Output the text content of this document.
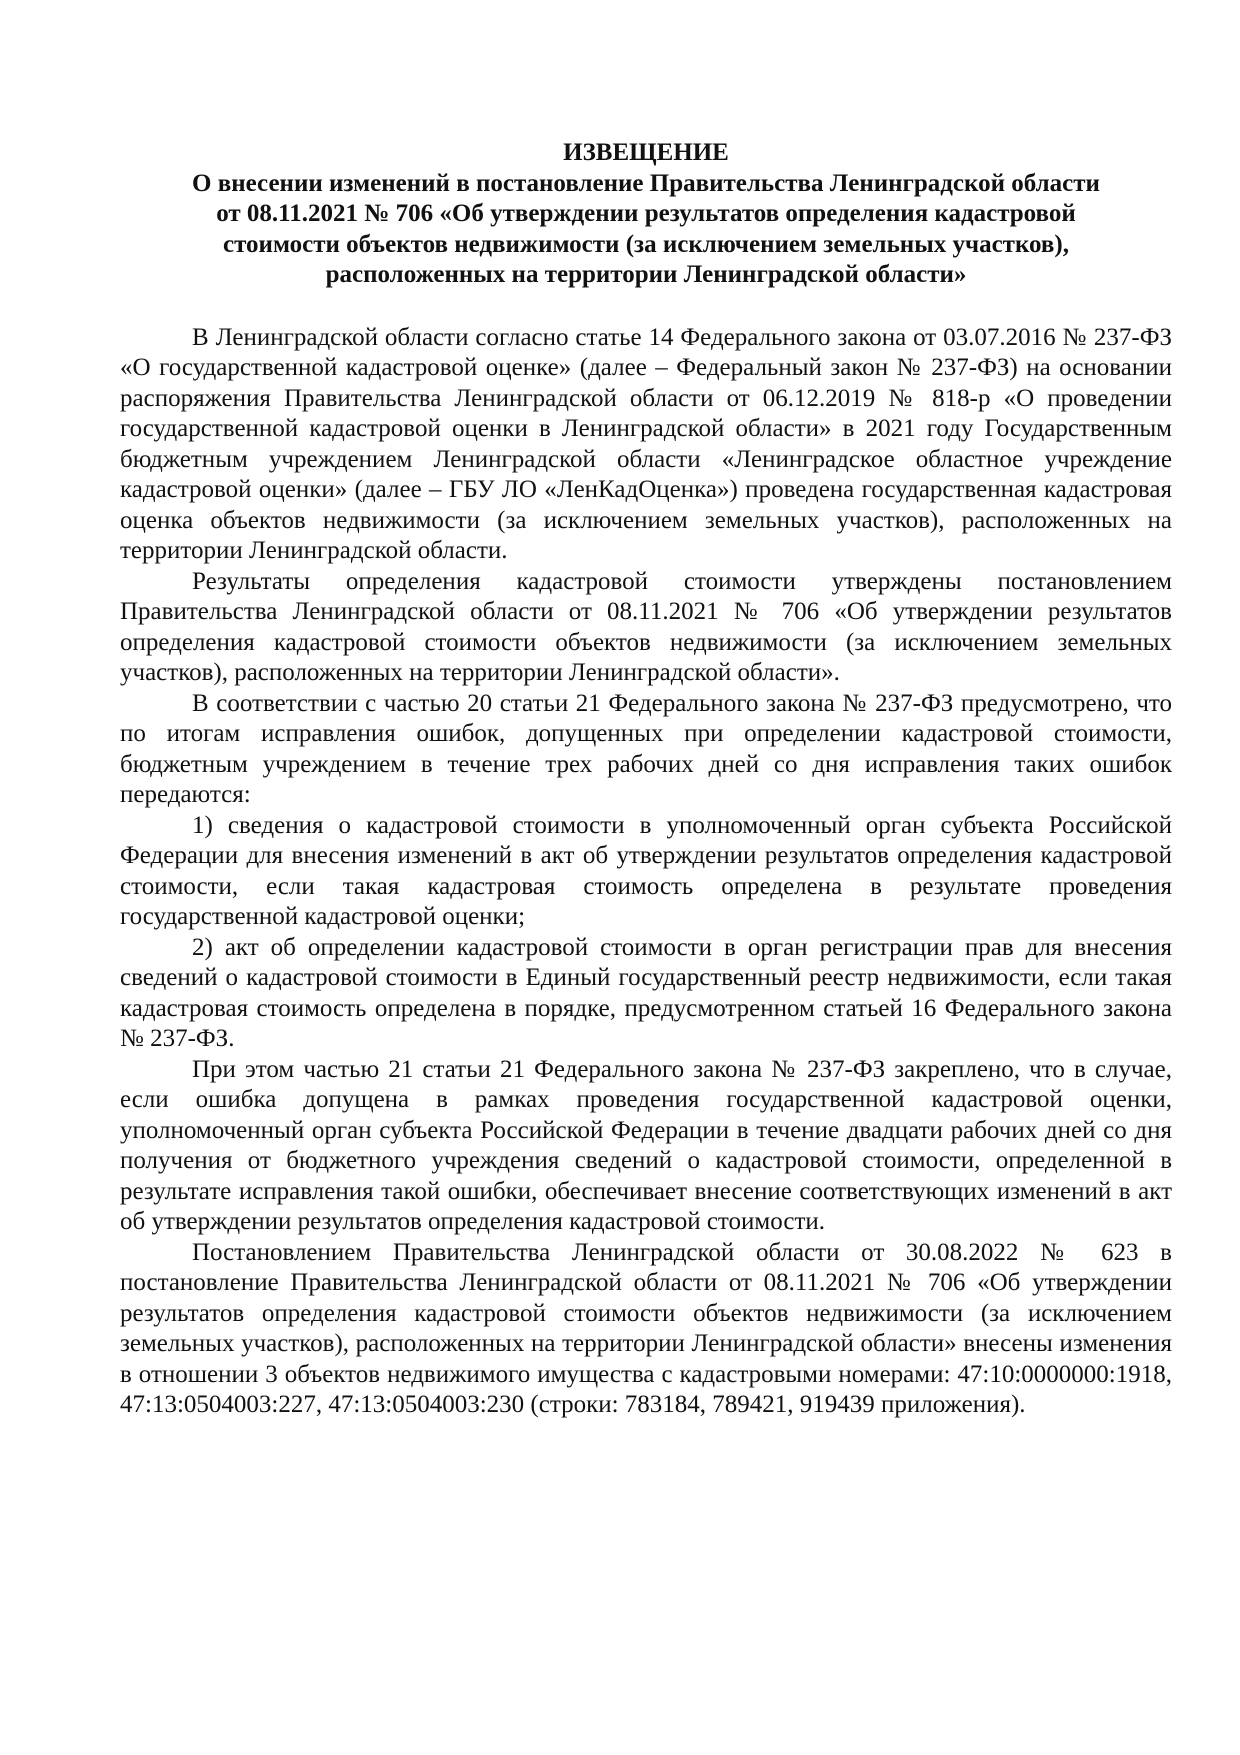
ИЗВЕЩЕНИЕ
О внесении изменений в постановление Правительства Ленинградской области
от 08.11.2021 № 706 «Об утверждении результатов определения кадастровой
стоимости объектов недвижимости (за исключением земельных участков),
расположенных на территории Ленинградской области»

В Ленинградской области согласно статье 14 Федерального закона от 03.07.2016 № 237-ФЗ «О государственной кадастровой оценке» (далее – Федеральный закон № 237-ФЗ) на основании распоряжения Правительства Ленинградской области от 06.12.2019 № 818-р «О проведении государственной кадастровой оценки в Ленинградской области» в 2021 году Государственным бюджетным учреждением Ленинградской области «Ленинградское областное учреждение кадастровой оценки» (далее – ГБУ ЛО «ЛенКадОценка») проведена государственная кадастровая оценка объектов недвижимости (за исключением земельных участков), расположенных на территории Ленинградской области.

Результаты определения кадастровой стоимости утверждены постановлением Правительства Ленинградской области от 08.11.2021 № 706 «Об утверждении результатов определения кадастровой стоимости объектов недвижимости (за исключением земельных участков), расположенных на территории Ленинградской области».

В соответствии с частью 20 статьи 21 Федерального закона № 237-ФЗ предусмотрено, что по итогам исправления ошибок, допущенных при определении кадастровой стоимости, бюджетным учреждением в течение трех рабочих дней со дня исправления таких ошибок передаются:

1) сведения о кадастровой стоимости в уполномоченный орган субъекта Российской Федерации для внесения изменений в акт об утверждении результатов определения кадастровой стоимости, если такая кадастровая стоимость определена в результате проведения государственной кадастровой оценки;

2) акт об определении кадастровой стоимости в орган регистрации прав для внесения сведений о кадастровой стоимости в Единый государственный реестр недвижимости, если такая кадастровая стоимость определена в порядке, предусмотренном статьей 16 Федерального закона № 237-ФЗ.

При этом частью 21 статьи 21 Федерального закона № 237-ФЗ закреплено, что в случае, если ошибка допущена в рамках проведения государственной кадастровой оценки, уполномоченный орган субъекта Российской Федерации в течение двадцати рабочих дней со дня получения от бюджетного учреждения сведений о кадастровой стоимости, определенной в результате исправления такой ошибки, обеспечивает внесение соответствующих изменений в акт об утверждении результатов определения кадастровой стоимости.

Постановлением Правительства Ленинградской области от 30.08.2022 № 623 в постановление Правительства Ленинградской области от 08.11.2021 № 706 «Об утверждении результатов определения кадастровой стоимости объектов недвижимости (за исключением земельных участков), расположенных на территории Ленинградской области» внесены изменения в отношении 3 объектов недвижимого имущества с кадастровыми номерами: 47:10:0000000:1918, 47:13:0504003:227, 47:13:0504003:230 (строки: 783184, 789421, 919439 приложения).
